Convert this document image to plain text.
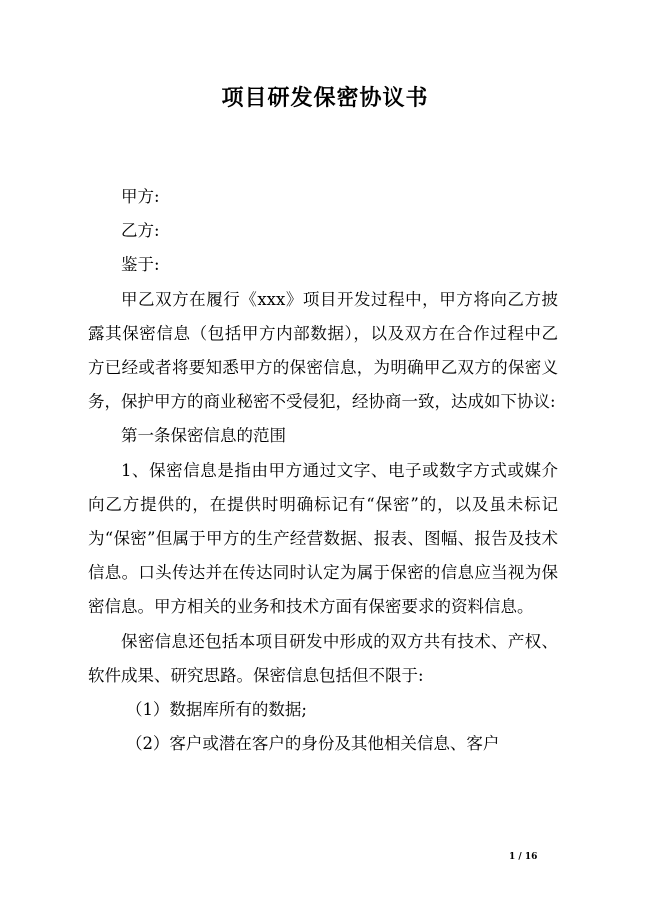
项目研发保密协议书

甲方:

乙方:

鉴于:

甲乙双方在履行《xxx》项目开发过程中，甲方将向乙方披露其保密信息（包括甲方内部数据），以及双方在合作过程中乙方已经或者将要知悉甲方的保密信息，为明确甲乙双方的保密义务，保护甲方的商业秘密不受侵犯，经协商一致，达成如下协议:

第一条保密信息的范围

1、保密信息是指由甲方通过文字、电子或数字方式或媒介向乙方提供的，在提供时明确标记有“保密”的，以及虽未标记为“保密”但属于甲方的生产经营数据、报表、图幅、报告及技术信息。口头传达并在传达同时认定为属于保密的信息应当视为保密信息。甲方相关的业务和技术方面有保密要求的资料信息。

保密信息还包括本项目研发中形成的双方共有技术、产权、软件成果、研究思路。保密信息包括但不限于:

（1）数据库所有的数据;

（2）客户或潜在客户的身份及其他相关信息、客户

1 / 16
